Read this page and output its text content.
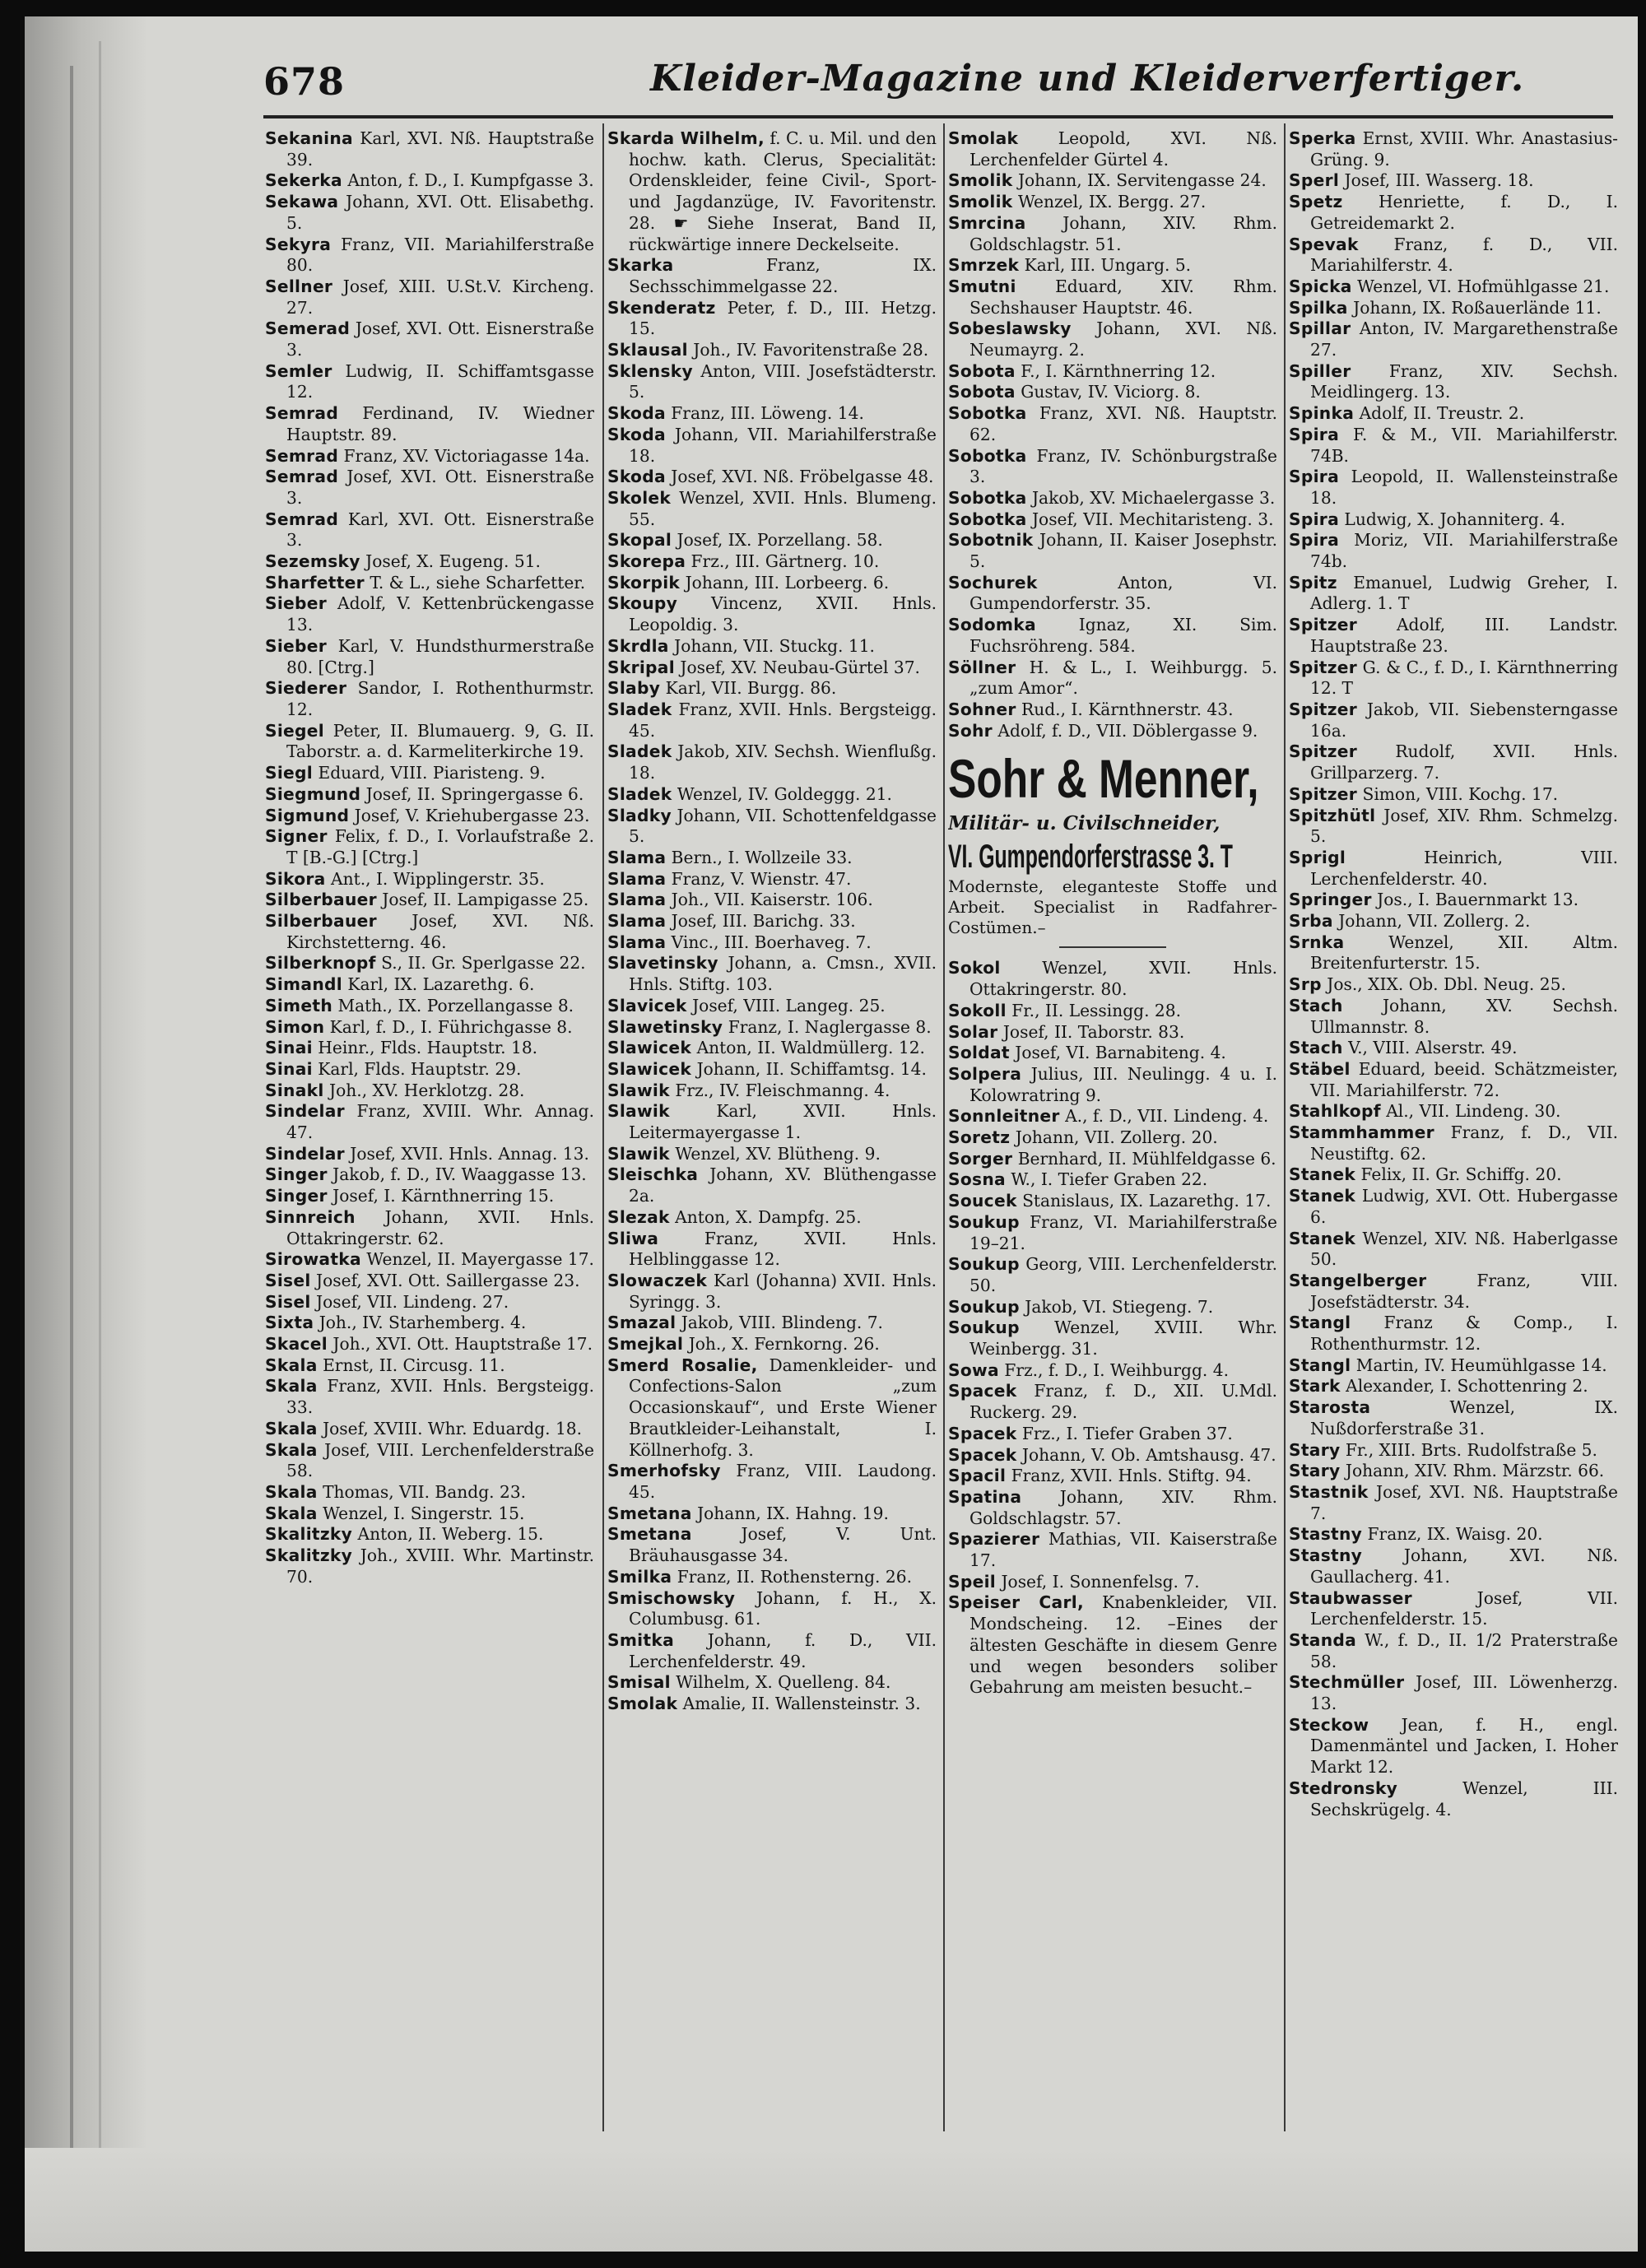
678	Kleider-Magazine und Kleiderverfertiger.
Sekanina Karl, XVI. Nß. Hauptstraße 39.
Sekerka Anton, f. D., I. Kumpfgasse 3.
Sekawa Johann, XVI. Ott. Elisabethg. 5.
Sekyra Franz, VII. Mariahilferstraße 80.
Sellner Josef, XIII. U.St.V. Kircheng. 27.
Semerad Josef, XVI. Ott. Eisnerstraße 3.
Semler Ludwig, II. Schiffamtsgasse 12.
Semrad Ferdinand, IV. Wiedner Hauptstr. 89.
Semrad Franz, XV. Victoriagasse 14a.
Semrad Josef, XVI. Ott. Eisnerstraße 3.
Semrad Karl, XVI. Ott. Eisnerstraße 3.
Sezemsky Josef, X. Eugeng. 51.
Sharfetter T. & L., siehe Scharfetter.
Sieber Adolf, V. Kettenbrückengasse 13.
Sieber Karl, V. Hundsthurmerstraße 80. [Ctrg.]
Siederer Sandor, I. Rothenthurmstr. 12.
Siegel Peter, II. Blumauerg. 9, G. II. Taborstr. a. d. Karmeliterkirche 19.
Siegl Eduard, VIII. Piaristeng. 9.
Siegmund Josef, II. Springergasse 6.
Sigmund Josef, V. Kriehubergasse 23.
Signer Felix, f. D., I. Vorlaufstraße 2. T [B.-G.] [Ctrg.]
Sikora Ant., I. Wipplingerstr. 35.
Silberbauer Josef, II. Lampigasse 25.
Silberbauer Josef, XVI. Nß. Kirchstetterng. 46.
Silberknopf S., II. Gr. Sperlgasse 22.
Simandl Karl, IX. Lazarethg. 6.
Simeth Math., IX. Porzellangasse 8.
Simon Karl, f. D., I. Führichgasse 8.
Sinai Heinr., Flds. Hauptstr. 18.
Sinai Karl, Flds. Hauptstr. 29.
Sinakl Joh., XV. Herklotzg. 28.
Sindelar Franz, XVIII. Whr. Annag. 47.
Sindelar Josef, XVII. Hnls. Annag. 13.
Singer Jakob, f. D., IV. Waaggasse 13.
Singer Josef, I. Kärnthnerring 15.
Sinnreich Johann, XVII. Hnls. Ottakringerstr. 62.
Sirowatka Wenzel, II. Mayergasse 17.
Sisel Josef, XVI. Ott. Saillergasse 23.
Sisel Josef, VII. Lindeng. 27.
Sixta Joh., IV. Starhemberg. 4.
Skacel Joh., XVI. Ott. Hauptstraße 17.
Skala Ernst, II. Circusg. 11.
Skala Franz, XVII. Hnls. Bergsteigg. 33.
Skala Josef, XVIII. Whr. Eduardg. 18.
Skala Josef, VIII. Lerchenfelderstraße 58.
Skala Thomas, VII. Bandg. 23.
Skala Wenzel, I. Singerstr. 15.
Skalitzky Anton, II. Weberg. 15.
Skalitzky Joh., XVIII. Whr. Martinstr. 70.
Skarda Wilhelm, f. C. u. Mil. und den hochw. kath. Clerus, Specialität: Ordenskleider, feine Civil-, Sport- und Jagdanzüge, IV. Favoritenstr. 28. ☛ Siehe Inserat, Band II, rückwärtige innere Deckelseite.
Skarka	Franz, IX. Sechsschimmelgasse 22.
Skenderatz Peter, f. D., III. Hetzg. 15.
Sklausal Joh., IV. Favoritenstraße 28.
Sklensky Anton, VIII. Josefstädterstr. 5.
Skoda Franz, III. Löweng. 14.
Skoda Johann, VII. Mariahilferstraße 18.
Skoda Josef, XVI. Nß. Fröbelgasse 48.
Skolek Wenzel, XVII. Hnls. Blumeng. 55.
Skopal Josef, IX. Porzellang. 58.
Skorepa Frz., III. Gärtnerg. 10.
Skorpik Johann, III. Lorbeerg. 6.
Skoupy Vincenz, XVII. Hnls. Leopoldig. 3.
Skrdla Johann, VII. Stuckg. 11.
Skripal Josef, XV. Neubau-Gürtel 37.
Slaby Karl, VII. Burgg. 86.
Sladek Franz, XVII. Hnls. Bergsteigg. 45.
Sladek Jakob, XIV. Sechsh. Wienflußg. 18.
Sladek Wenzel, IV. Goldeggg. 21.
Sladky Johann, VII. Schottenfeldgasse 5.
Slama Bern., I. Wollzeile 33.
Slama Franz, V. Wienstr. 47.
Slama Joh., VII. Kaiserstr. 106.
Slama Josef, III. Barichg. 33.
Slama Vinc., III. Boerhaveg. 7.
Slavetinsky Johann, a. Cmsn., XVII. Hnls. Stiftg. 103.
Slavicek Josef, VIII. Langeg. 25.
Slawetinsky Franz, I. Naglergasse 8.
Slawicek Anton, II. Waldmüllerg. 12.
Slawicek Johann, II. Schiffamtsg. 14.
Slawik Frz., IV. Fleischmanng. 4.
Slawik	Karl, XVII. Hnls. Leitermayergasse 1.
Slawik Wenzel, XV. Blütheng. 9.
Sleischka Johann, XV. Blüthengasse 2a.
Slezak Anton, X. Dampfg. 25.
Sliwa	Franz, XVII. Hnls. Helblinggasse 12.
Slowaczek Karl (Johanna) XVII. Hnls. Syringg. 3.
Smazal Jakob, VIII. Blindeng. 7.
Smejkal Joh., X. Fernkorng. 26.
Smerd Rosalie, Damenkleider- und Confections-Salon „zum Occasionskauf“, und Erste Wiener Brautkleider-Leihanstalt, I. Köllnerhofg. 3.
Smerhofsky Franz, VIII. Laudong. 45.
Smetana Johann, IX. Hahng. 19.
Smetana	Josef, V. Unt. Bräuhausgasse 34.
Smilka Franz, II. Rothensterng. 26.
Smischowsky Johann, f. H., X. Columbusg. 61.
Smitka Johann, f. D., VII. Lerchenfelderstr. 49.
Smisal Wilhelm, X. Quelleng. 84.
Smolak Amalie, II. Wallensteinstr. 3.
Smolak Leopold, XVI. Nß. Lerchenfelder Gürtel 4.
Smolik Johann, IX. Servitengasse 24.
Smolik Wenzel, IX. Bergg. 27.
Smrcina Johann, XIV. Rhm. Goldschlagstr. 51.
Smrzek Karl, III. Ungarg. 5.
Smutni Eduard, XIV. Rhm. Sechshauser Hauptstr. 46.
Sobeslawsky Johann, XVI. Nß. Neumayrg. 2.
Sobota F., I. Kärnthnerring 12.
Sobota Gustav, IV. Viciorg. 8.
Sobotka Franz, XVI. Nß. Hauptstr. 62.
Sobotka Franz, IV. Schönburgstraße 3.
Sobotka Jakob, XV. Michaelergasse 3.
Sobotka Josef, VII. Mechitaristeng. 3.
Sobotnik Johann, II. Kaiser Josephstr. 5.
Sochurek	Anton, VI. Gumpendorferstr. 35.
Sodomka	Ignaz, XI. Sim. Fuchsröhreng. 584.
Söllner H. & L., I. Weihburgg. 5. „zum Amor“.
Sohner Rud., I. Kärnthnerstr. 43.
Sohr Adolf, f. D., VII. Döblergasse 9.
Sohr & Menner,
Militär- u. Civilschneider,
VI. Gumpendorferstrasse 3. T
Modernste, eleganteste Stoffe und Arbeit. Specialist in Radfahrer-Costümen.–
Sokol	Wenzel, XVII. Hnls. Ottakringerstr. 80.
Sokoll Fr., II. Lessingg. 28.
Solar Josef, II. Taborstr. 83.
Soldat Josef, VI. Barnabiteng. 4.
Solpera Julius, III. Neulingg. 4 u. I. Kolowratring 9.
Sonnleitner A., f. D., VII. Lindeng. 4.
Soretz Johann, VII. Zollerg. 20.
Sorger Bernhard, II. Mühlfeldgasse 6.
Sosna W., I. Tiefer Graben 22.
Soucek Stanislaus, IX. Lazarethg. 17.
Soukup Franz, VI. Mariahilferstraße 19–21.
Soukup Georg, VIII. Lerchenfelderstr. 50.
Soukup Jakob, VI. Stiegeng. 7.
Soukup Wenzel, XVIII. Whr. Weinbergg. 31.
Sowa Frz., f. D., I. Weihburgg. 4.
Spacek Franz, f. D., XII. U.Mdl. Ruckerg. 29.
Spacek Frz., I. Tiefer Graben 37.
Spacek Johann, V. Ob. Amtshausg. 47.
Spacil Franz, XVII. Hnls. Stiftg. 94.
Spatina Johann, XIV. Rhm. Goldschlagstr. 57.
Spazierer Mathias, VII. Kaiserstraße 17.
Speil Josef, I. Sonnenfelsg. 7.
Speiser Carl, Knabenkleider, VII. Mondscheing. 12. –Eines der ältesten Geschäfte in diesem Genre und wegen besonders soliber Gebahrung am meisten besucht.–
Sperka Ernst, XVIII. Whr. Anastasius-Grüng. 9.
Sperl Josef, III. Wasserg. 18.
Spetz Henriette, f. D., I. Getreidemarkt 2.
Spevak Franz, f. D., VII. Mariahilferstr. 4.
Spicka Wenzel, VI. Hofmühlgasse 21.
Spilka Johann, IX. Roßauerlände 11.
Spillar Anton, IV. Margarethenstraße 27.
Spiller Franz, XIV. Sechsh. Meidlingerg. 13.
Spinka Adolf, II. Treustr. 2.
Spira F. & M., VII. Mariahilferstr. 74B.
Spira Leopold, II. Wallensteinstraße 18.
Spira Ludwig, X. Johanniterg. 4.
Spira Moriz, VII. Mariahilferstraße 74b.
Spitz Emanuel, Ludwig Greher, I. Adlerg. 1. T
Spitzer Adolf, III. Landstr. Hauptstraße 23.
Spitzer G. & C., f. D., I. Kärnthnerring 12. T
Spitzer Jakob, VII. Siebensterngasse 16a.
Spitzer Rudolf, XVII. Hnls. Grillparzerg. 7.
Spitzer Simon, VIII. Kochg. 17.
Spitzhütl Josef, XIV. Rhm. Schmelzg. 5.
Sprigl	Heinrich, VIII. Lerchenfelderstr. 40.
Springer Jos., I. Bauernmarkt 13.
Srba Johann, VII. Zollerg. 2.
Srnka	Wenzel, XII. Altm. Breitenfurterstr. 15.
Srp Jos., XIX. Ob. Dbl. Neug. 25.
Stach Johann, XV. Sechsh. Ullmannstr. 8.
Stach V., VIII. Alserstr. 49.
Stäbel Eduard, beeid. Schätzmeister, VII. Mariahilferstr. 72.
Stahlkopf Al., VII. Lindeng. 30.
Stammhammer Franz, f. D., VII. Neustiftg. 62.
Stanek Felix, II. Gr. Schiffg. 20.
Stanek Ludwig, XVI. Ott. Hubergasse 6.
Stanek Wenzel, XIV. Nß. Haberlgasse 50.
Stangelberger	Franz, VIII. Josefstädterstr. 34.
Stangl Franz & Comp., I. Rothenthurmstr. 12.
Stangl Martin, IV. Heumühlgasse 14.
Stark Alexander, I. Schottenring 2.
Starosta	Wenzel, IX. Nußdorferstraße 31.
Stary Fr., XIII. Brts. Rudolfstraße 5.
Stary Johann, XIV. Rhm. Märzstr. 66.
Stastnik Josef, XVI. Nß. Hauptstraße 7.
Stastny Franz, IX. Waisg. 20.
Stastny	Johann, XVI. Nß. Gaullacherg. 41.
Staubwasser	Josef, VII. Lerchenfelderstr. 15.
Standa W., f. D., II. 1/2 Praterstraße 58.
Stechmüller Josef, III. Löwenherzg. 13.
Steckow Jean, f. H., engl. Damenmäntel und Jacken, I. Hoher Markt 12.
Stedronsky	Wenzel, III. Sechskrügelg. 4.
